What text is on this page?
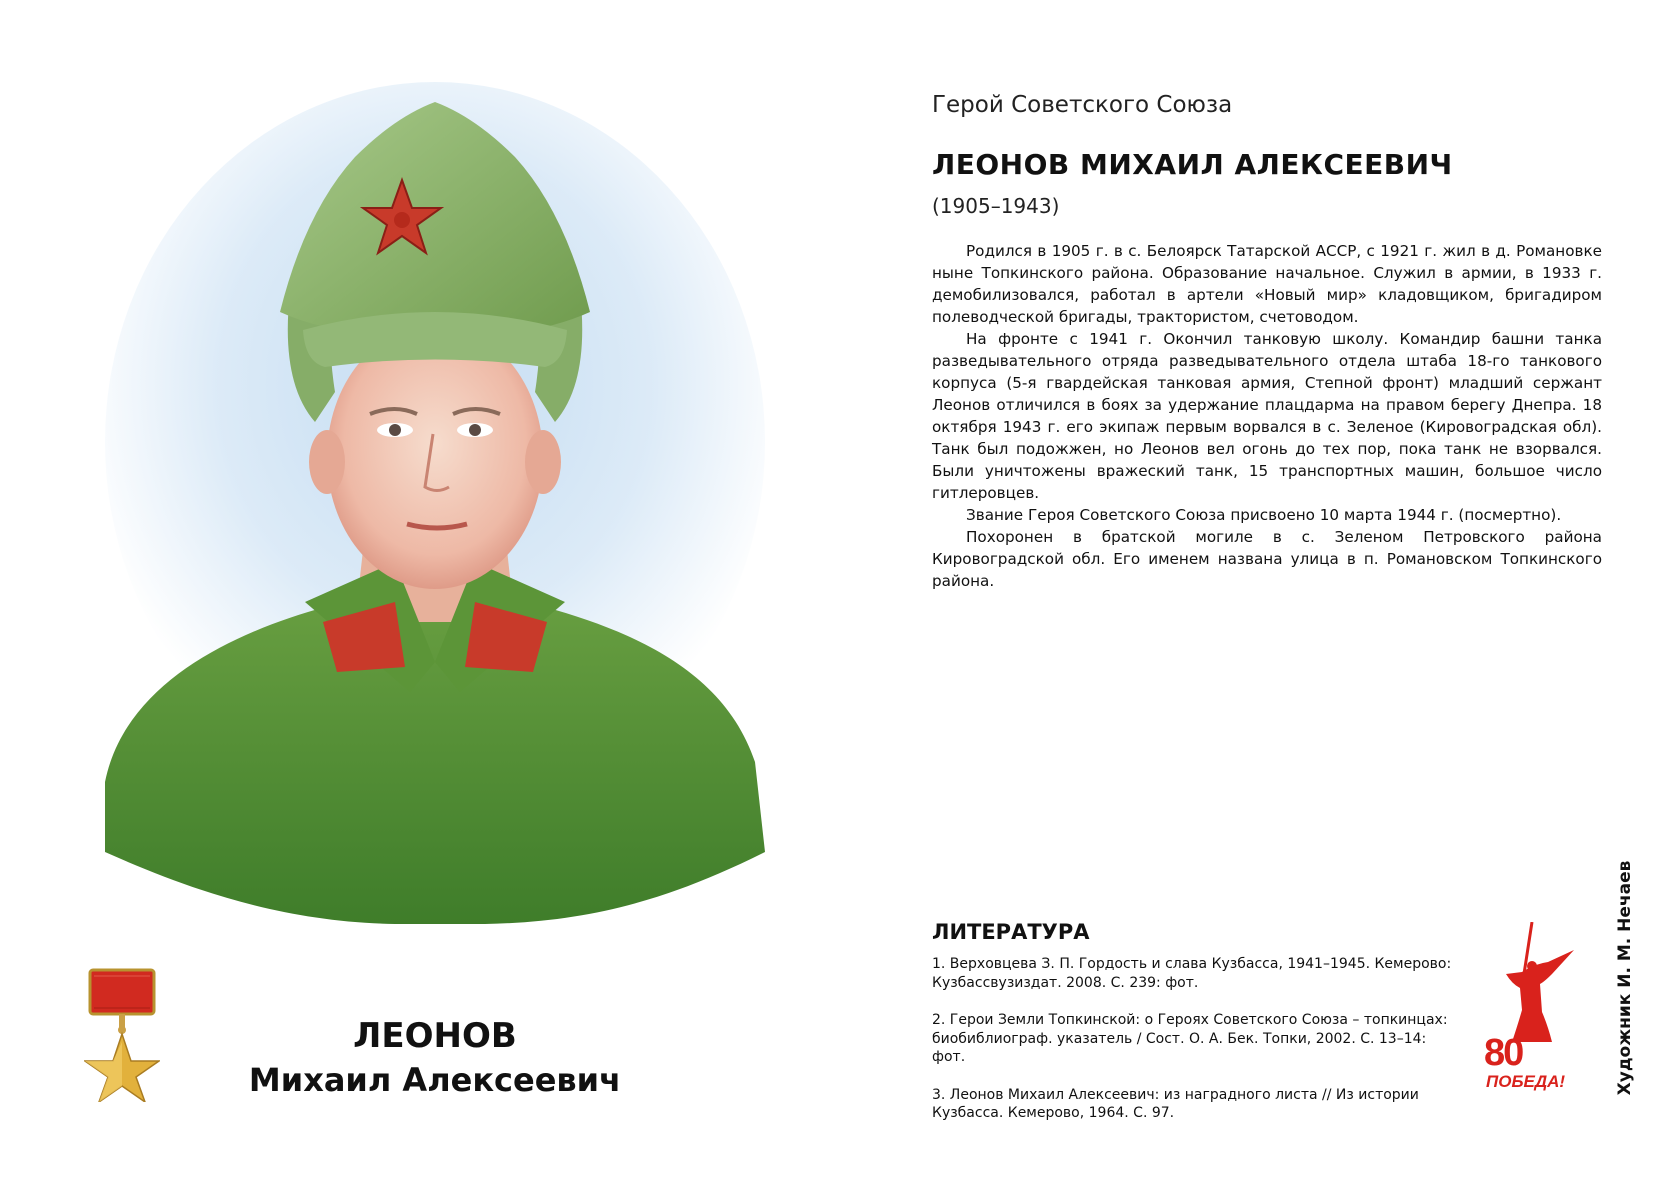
ЛЕОНОВ
Михаил Алексеевич
Герой Советского Союза
ЛЕОНОВ МИХАИЛ АЛЕКСЕЕВИЧ
(1905–1943)

Родился в 1905 г. в с. Белоярск Татарской АССР, с 1921 г. жил в д. Романовке ныне Топкинского района. Образование начальное. Служил в армии, в 1933 г. демобилизовался, работал в артели «Новый мир» кладовщиком, бригадиром полеводческой бригады, трактористом, счетоводом.

На фронте с 1941 г. Окончил танковую школу. Командир башни танка разведывательного отряда разведывательного отдела штаба 18-го танкового корпуса (5-я гвардейская танковая армия, Степной фронт) младший сержант Леонов отличился в боях за удержание плацдарма на правом берегу Днепра. 18 октября 1943 г. его экипаж первым ворвался в с. Зеленое (Кировоградская обл). Танк был подожжен, но Леонов вел огонь до тех пор, пока танк не взорвался. Были уничтожены вражеский танк, 15 транспортных машин, большое число гитлеровцев.

Звание Героя Советского Союза присвоено 10 марта 1944 г. (посмертно).

Похоронен в братской могиле в с. Зеленом Петровского района Кировоградской обл. Его именем названа улица в п. Романовском Топкинского района.

ЛИТЕРАТУРА
1. Верховцева З. П. Гордость и слава Кузбасса, 1941–1945. Кемерово: Кузбассвузиздат. 2008. С. 239: фот.
2. Герои Земли Топкинской: о Героях Советского Союза – топкинцах: биобиблиограф. указатель / Сост. О. А. Бек. Топки, 2002. С. 13–14: фот.
3. Леонов Михаил Алексеевич: из наградного листа // Из истории Кузбасса. Кемерово, 1964. С. 97.
80
ПОБЕДА!	Художник И. М. Нечаев
